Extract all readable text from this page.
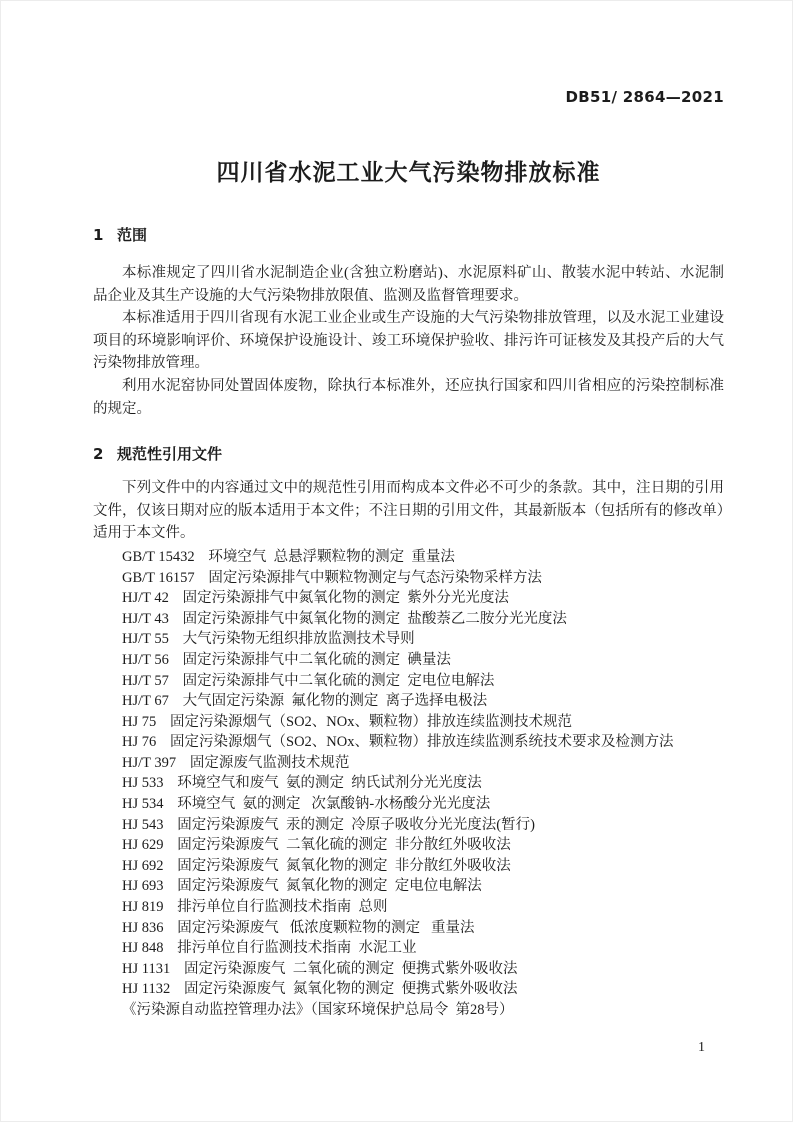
DB51/ 2864—2021
四川省水泥工业大气污染物排放标准
1 范围

本标准规定了四川省水泥制造企业(含独立粉磨站)、水泥原料矿山、散装水泥中转站、水泥制品企业及其生产设施的大气污染物排放限值、监测及监督管理要求。

本标准适用于四川省现有水泥工业企业或生产设施的大气污染物排放管理，以及水泥工业建设项目的环境影响评价、环境保护设施设计、竣工环境保护验收、排污许可证核发及其投产后的大气污染物排放管理。

利用水泥窑协同处置固体废物，除执行本标准外，还应执行国家和四川省相应的污染控制标准的规定。

2 规范性引用文件

下列文件中的内容通过文中的规范性引用而构成本文件必不可少的条款。其中，注日期的引用文件，仅该日期对应的版本适用于本文件；不注日期的引用文件，其最新版本（包括所有的修改单）适用于本文件。

GB/T 15432 环境空气  总悬浮颗粒物的测定  重量法
GB/T 16157 固定污染源排气中颗粒物测定与气态污染物采样方法
HJ/T 42 固定污染源排气中氮氧化物的测定  紫外分光光度法
HJ/T 43 固定污染源排气中氮氧化物的测定  盐酸萘乙二胺分光光度法
HJ/T 55 大气污染物无组织排放监测技术导则
HJ/T 56 固定污染源排气中二氧化硫的测定  碘量法
HJ/T 57 固定污染源排气中二氧化硫的测定  定电位电解法
HJ/T 67 大气固定污染源  氟化物的测定  离子选择电极法
HJ 75 固定污染源烟气（SO2、NOx、颗粒物）排放连续监测技术规范
HJ 76 固定污染源烟气（SO2、NOx、颗粒物）排放连续监测系统技术要求及检测方法
HJ/T 397 固定源废气监测技术规范
HJ 533 环境空气和废气  氨的测定  纳氏试剂分光光度法
HJ 534 环境空气  氨的测定   次氯酸钠-水杨酸分光光度法
HJ 543 固定污染源废气  汞的测定  冷原子吸收分光光度法(暂行)
HJ 629 固定污染源废气  二氧化硫的测定  非分散红外吸收法
HJ 692 固定污染源废气  氮氧化物的测定  非分散红外吸收法
HJ 693 固定污染源废气  氮氧化物的测定  定电位电解法
HJ 819 排污单位自行监测技术指南  总则
HJ 836 固定污染源废气   低浓度颗粒物的测定   重量法
HJ 848 排污单位自行监测技术指南  水泥工业
HJ 1131 固定污染源废气  二氧化硫的测定  便携式紫外吸收法
HJ 1132 固定污染源废气  氮氧化物的测定  便携式紫外吸收法
《污染源自动监控管理办法》（国家环境保护总局令  第28号）
1
